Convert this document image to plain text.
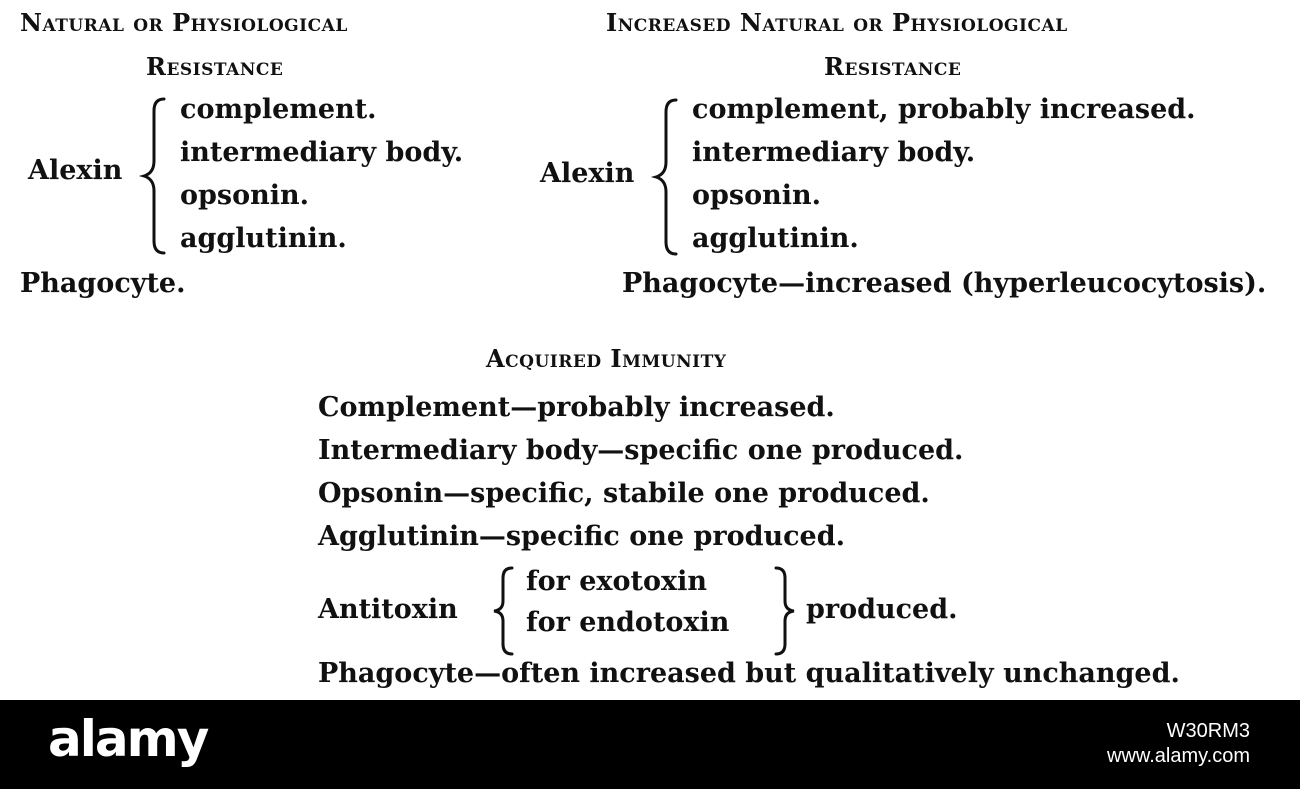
Natural or Physiological
Resistance
Alexin
complement.
intermediary body.
opsonin.
agglutinin.
Phagocyte.
Increased Natural or Physiological
Resistance
Alexin
complement, probably increased.
intermediary body.
opsonin.
agglutinin.
Phagocyte—increased (hyperleucocytosis).
Acquired Immunity
Complement—probably increased.
Intermediary body—specific one produced.
Opsonin—specific, stabile one produced.
Agglutinin—specific one produced.
Antitoxin
for exotoxin
for endotoxin	produced.
Phagocyte—often increased but qualitatively unchanged.
alamy	W30RM3
www.alamy.com
